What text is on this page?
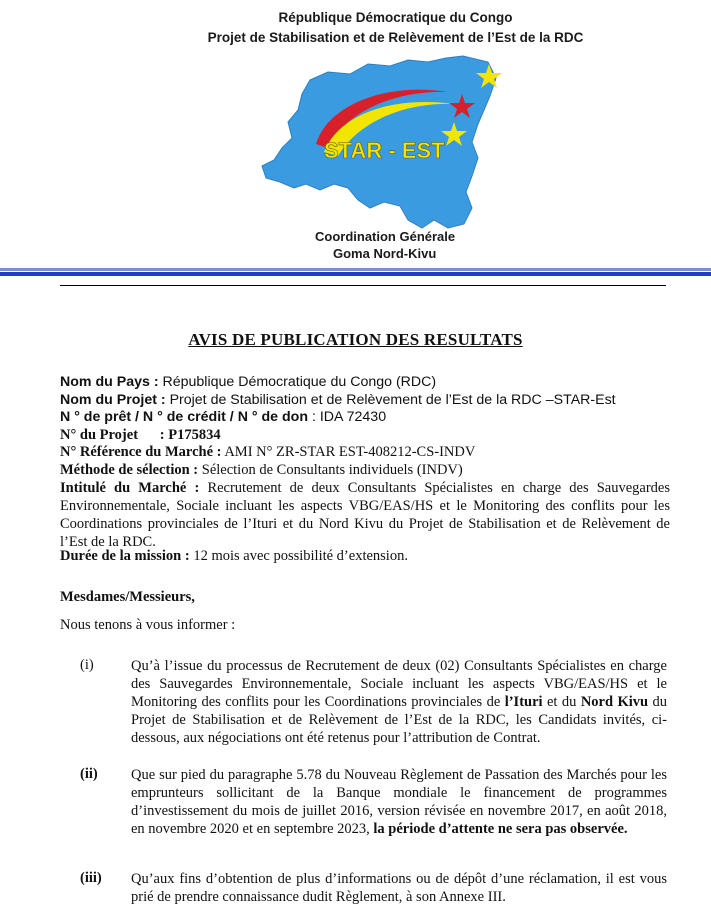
République Démocratique du Congo
Projet de Stabilisation et de Relèvement de l’Est de la RDC
STAR - EST
Coordination Générale
Goma Nord-Kivu
AVIS DE PUBLICATION DES RESULTATS
Nom du Pays : République Démocratique du Congo (RDC)
Nom du Projet : Projet de Stabilisation et de Relèvement de l’Est de la RDC –STAR-Est
N ° de prêt / N ° de crédit / N ° de don : IDA 72430
N° du Projet      : P175834
N° Référence du Marché : AMI N° ZR-STAR EST-408212-CS-INDV
Méthode de sélection : Sélection de Consultants individuels (INDV)
Intitulé du Marché : Recrutement de deux Consultants Spécialistes en charge des Sauvegardes Environnementale, Sociale incluant les aspects VBG/EAS/HS et le Monitoring des conflits pour les Coordinations provinciales de l’Ituri et du Nord Kivu du Projet de Stabilisation et de Relèvement de l’Est de la RDC.
Durée de la mission : 12 mois avec possibilité d’extension.
Mesdames/Messieurs,
Nous tenons à vous informer :
(i)	Qu’à l’issue du processus de Recrutement de deux (02) Consultants Spécialistes en charge des Sauvegardes Environnementale, Sociale incluant les aspects VBG/EAS/HS et le Monitoring des conflits pour les Coordinations provinciales de l’Ituri et du Nord Kivu du Projet de Stabilisation et de Relèvement de l’Est de la RDC, les Candidats invités, ci-dessous, aux négociations ont été retenus pour l’attribution de Contrat.
(ii) Que sur pied du paragraphe 5.78 du Nouveau Règlement de Passation des Marchés pour les emprunteurs sollicitant de la Banque mondiale le financement de programmes d’investissement du mois de juillet 2016, version révisée en novembre 2017, en août 2018, en novembre 2020 et en septembre 2023, la période d’attente ne sera pas observée.
(iii) Qu’aux fins d’obtention de plus d’informations ou de dépôt d’une réclamation, il est vous prié de prendre connaissance dudit Règlement, à son Annexe III.
